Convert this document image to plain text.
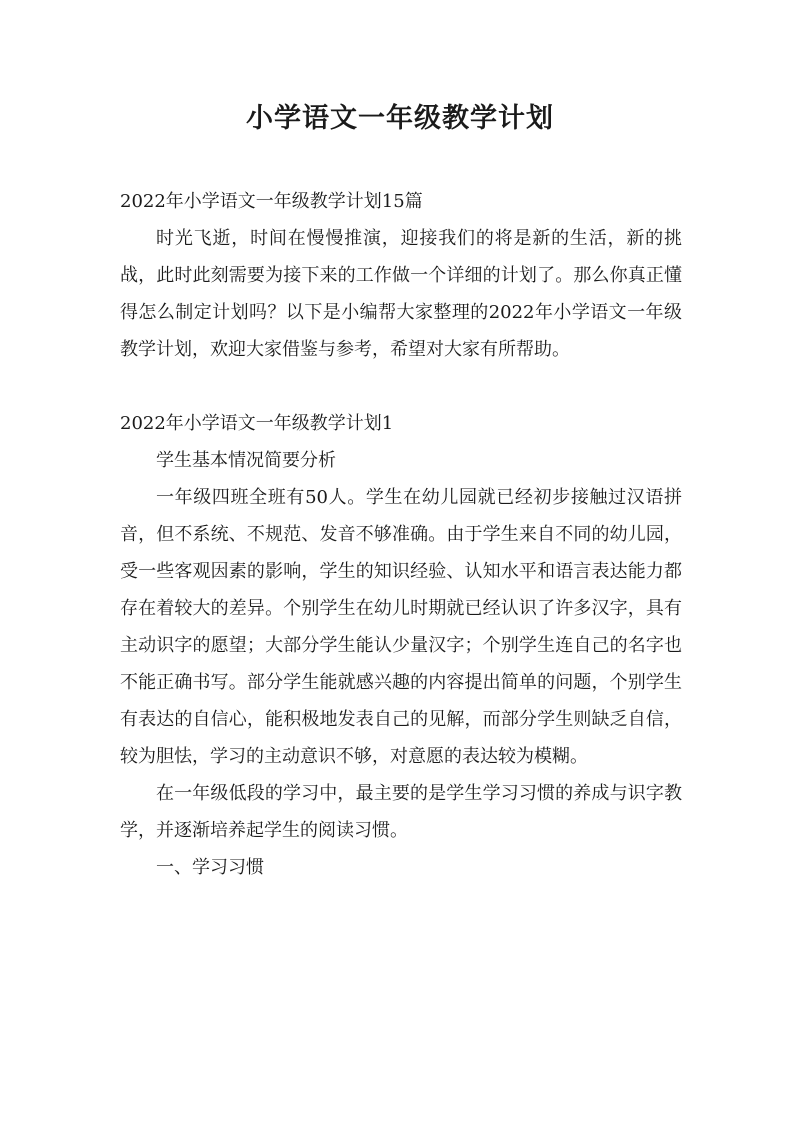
小学语文一年级教学计划

2022年小学语文一年级教学计划15篇

时光飞逝，时间在慢慢推演，迎接我们的将是新的生活，新的挑战，此时此刻需要为接下来的工作做一个详细的计划了。那么你真正懂得怎么制定计划吗？以下是小编帮大家整理的2022年小学语文一年级教学计划，欢迎大家借鉴与参考，希望对大家有所帮助。

2022年小学语文一年级教学计划1

学生基本情况简要分析

一年级四班全班有50人。学生在幼儿园就已经初步接触过汉语拼音，但不系统、不规范、发音不够准确。由于学生来自不同的幼儿园，受一些客观因素的影响，学生的知识经验、认知水平和语言表达能力都存在着较大的差异。个别学生在幼儿时期就已经认识了许多汉字，具有主动识字的愿望；大部分学生能认少量汉字；个别学生连自己的名字也不能正确书写。部分学生能就感兴趣的内容提出简单的问题，个别学生有表达的自信心，能积极地发表自己的见解，而部分学生则缺乏自信，较为胆怯，学习的主动意识不够，对意愿的表达较为模糊。

在一年级低段的学习中，最主要的是学生学习习惯的养成与识字教学，并逐渐培养起学生的阅读习惯。

一、学习习惯
